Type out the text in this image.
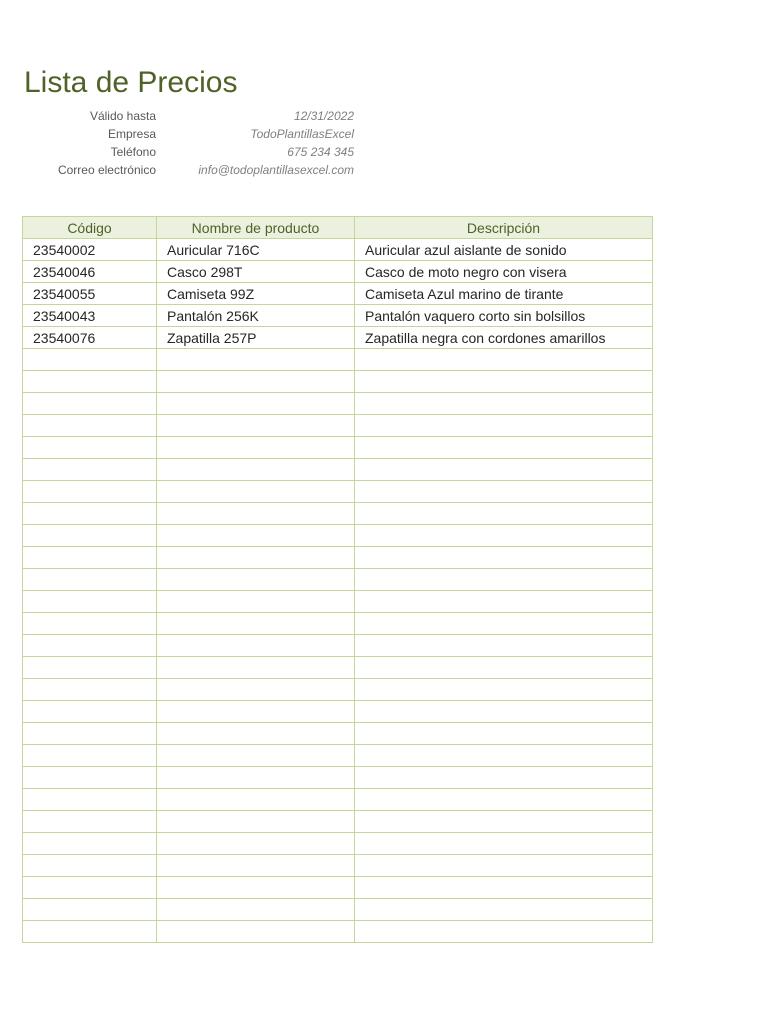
Lista de Precios
Válido hasta	12/31/2022
Empresa	TodoPlantillasExcel
Teléfono	675 234 345
Correo electrónico	info@todoplantillasexcel.com
Código	Nombre de producto	Descripción
23540002	Auricular 716C	Auricular azul aislante de sonido
23540046	Casco 298T	Casco de moto negro con visera
23540055	Camiseta 99Z	Camiseta Azul marino de tirante
23540043	Pantalón 256K	Pantalón vaquero corto sin bolsillos
23540076	Zapatilla 257P	Zapatilla negra con cordones amarillos
